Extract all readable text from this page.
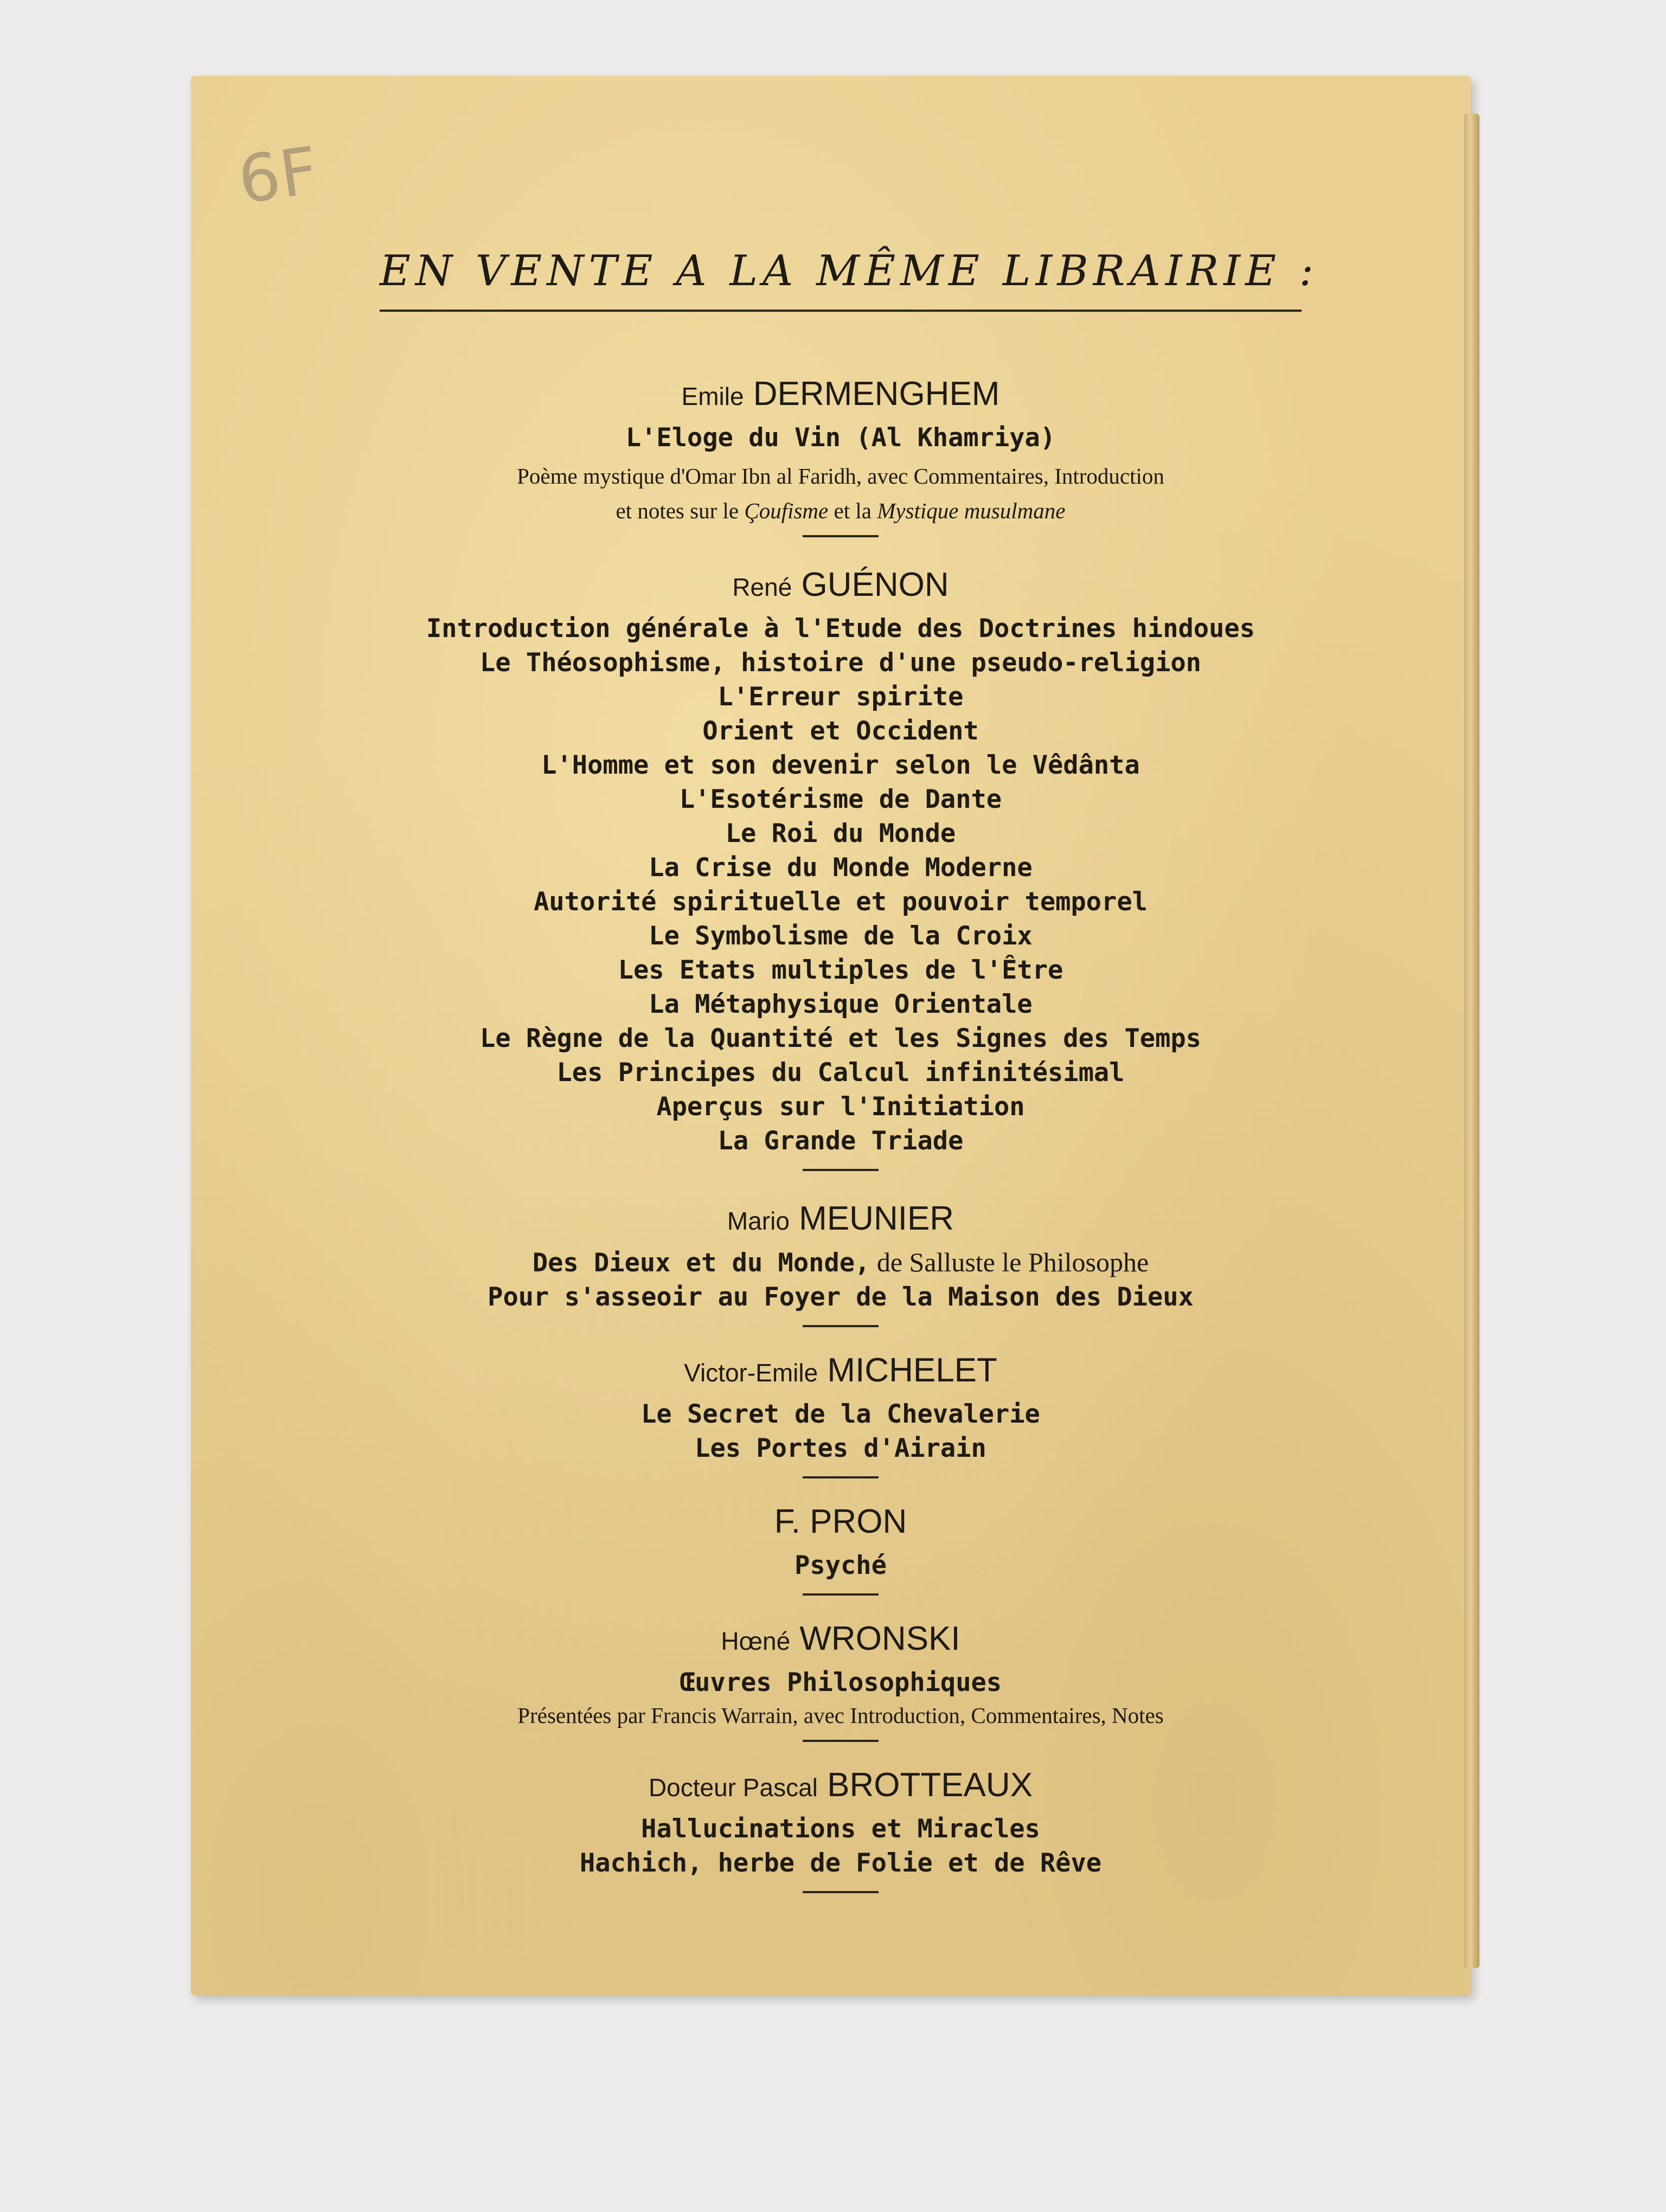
6F
EN VENTE A LA MÊME LIBRAIRIE :
Emile DERMENGHEM
L'Eloge du Vin (Al Khamriya)
Poème mystique d'Omar Ibn al Faridh, avec Commentaires, Introduction
et notes sur le Çoufisme et la Mystique musulmane
René GUÉNON
Introduction générale à l'Etude des Doctrines hindoues
Le Théosophisme, histoire d'une pseudo-religion
L'Erreur spirite
Orient et Occident
L'Homme et son devenir selon le Vêdânta
L'Esotérisme de Dante
Le Roi du Monde
La Crise du Monde Moderne
Autorité spirituelle et pouvoir temporel
Le Symbolisme de la Croix
Les Etats multiples de l'Être
La Métaphysique Orientale
Le Règne de la Quantité et les Signes des Temps
Les Principes du Calcul infinitésimal
Aperçus sur l'Initiation
La Grande Triade
Mario MEUNIER
Des Dieux et du Monde, de Salluste le Philosophe
Pour s'asseoir au Foyer de la Maison des Dieux
Victor-Emile MICHELET
Le Secret de la Chevalerie
Les Portes d'Airain
F. PRON
Psyché
Hœné WRONSKI
Œuvres Philosophiques
Présentées par Francis Warrain, avec Introduction, Commentaires, Notes
Docteur Pascal BROTTEAUX
Hallucinations et Miracles
Hachich, herbe de Folie et de Rêve
